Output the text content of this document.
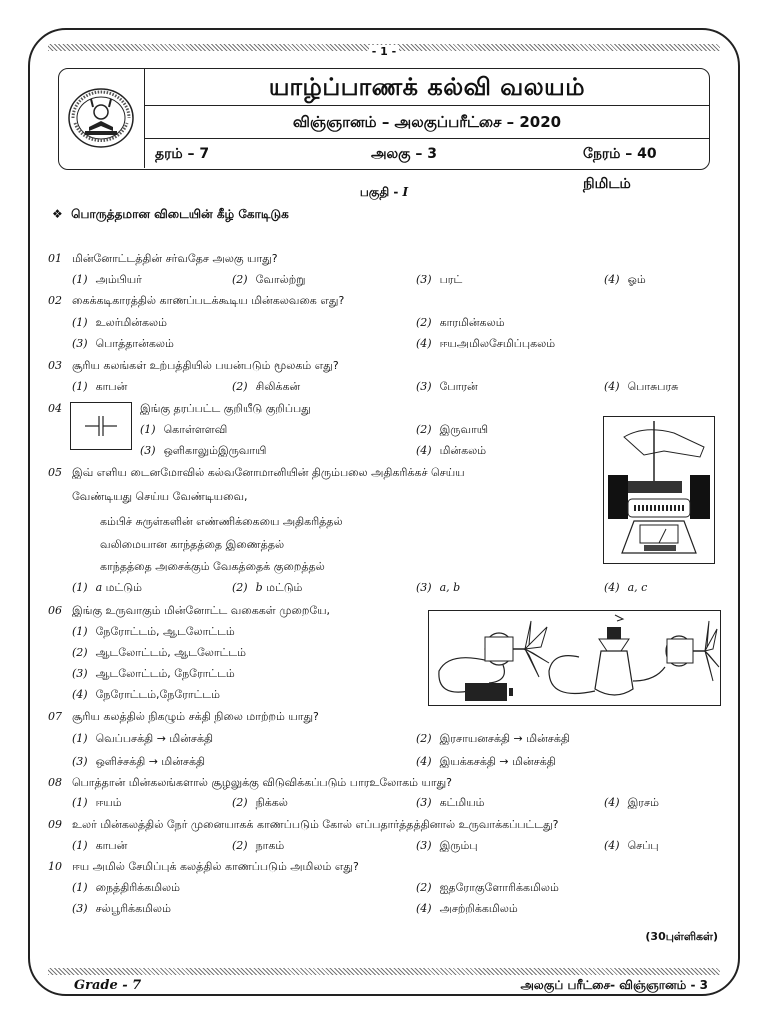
- 1 -
யாழ்ப்பாணக் கல்வி வலயம்
விஞ்ஞானம் – அலகுப்பரீட்சை – 2020
தரம் – 7	அலகு – 3	நேரம் – 40 நிமிடம்
பகுதி - I
❖ பொருத்தமான விடையின் கீழ் கோடிடுக
01 மின்னோட்டத்தின் சர்வதேச அலகு யாது?
(1) அம்பியர்	(2) வோல்ற்று	(3) பரட்	(4) ஓம்
02 கைக்கடிகாரத்தில் காணப்படக்கூடிய மின்கலவகை எது?
(1) உலர்மின்கலம்	(2) காரமின்கலம்
(3) பொத்தான்கலம்	(4) ஈயஅமிலசேமிப்புகலம்
03 சூரிய கலங்கள் உற்பத்தியில் பயன்படும் மூலகம் எது?
(1) காபன்	(2) சிலிக்கன்	(3) போரன்	(4) பொசுபரசு
04	இங்கு தரப்பட்ட குறியீடு குறிப்பது
(1) கொள்ளளவி	(2) இருவாயி
(3) ஒளிகாலும்இருவாயி	(4) மின்கலம்
05 இவ் எளிய டைனமோவில் கல்வனோமானியின் திரும்பலை அதிகரிக்கச் செய்ய
வேண்டியது செய்ய வேண்டியவை,
கம்பிச் சுருள்களின் எண்ணிக்கையை அதிகரித்தல்
வலிமையான காந்தத்தை இணைத்தல்
காந்தத்தை அசைக்கும் வேகத்தைக் குறைத்தல்
(1) a மட்டும்	(2) b மட்டும்	(3) a, b	(4) a, c
06 இங்கு உருவாகும் மின்னோட்ட வகைகள் முறையே,
(1) நேரோட்டம், ஆடலோட்டம்
(2) ஆடலோட்டம், ஆடலோட்டம்
(3) ஆடலோட்டம், நேரோட்டம்
(4) நேரோட்டம்,நேரோட்டம்
07 சூரிய கலத்தில் நிகழும் சக்தி நிலை மாற்றம் யாது?
(1) வெப்பசக்தி → மின்சக்தி	(2) இரசாயனசக்தி → மின்சக்தி
(3) ஒளிச்சக்தி → மின்சக்தி	(4) இயக்கசக்தி → மின்சக்தி
08 பொத்தான் மின்கலங்களால் சூழலுக்கு விடுவிக்கப்படும் பாரஉலோகம் யாது?
(1) ஈயம்	(2) நிக்கல்	(3) கட்மியம்	(4) இரசம்
09 உலர் மின்கலத்தில் நேர் முனையாகக் காணப்படும் கோல் எப்பதார்த்தத்தினால் உருவாக்கப்பட்டது?
(1) காபன்	(2) நாகம்	(3) இரும்பு	(4) செப்பு
10 ஈய அமில் சேமிப்புக் கலத்தில் காணப்படும் அமிலம் எது?
(1) நைத்திரிக்கமிலம்	(2) ஐதரோகுளோரிக்கமிலம்
(3) சல்பூரிக்கமிலம்	(4) அசற்றிக்கமிலம்
(30புள்ளிகள்)
Grade - 7	அலகுப் பரீட்சை- விஞ்ஞானம் - 3
